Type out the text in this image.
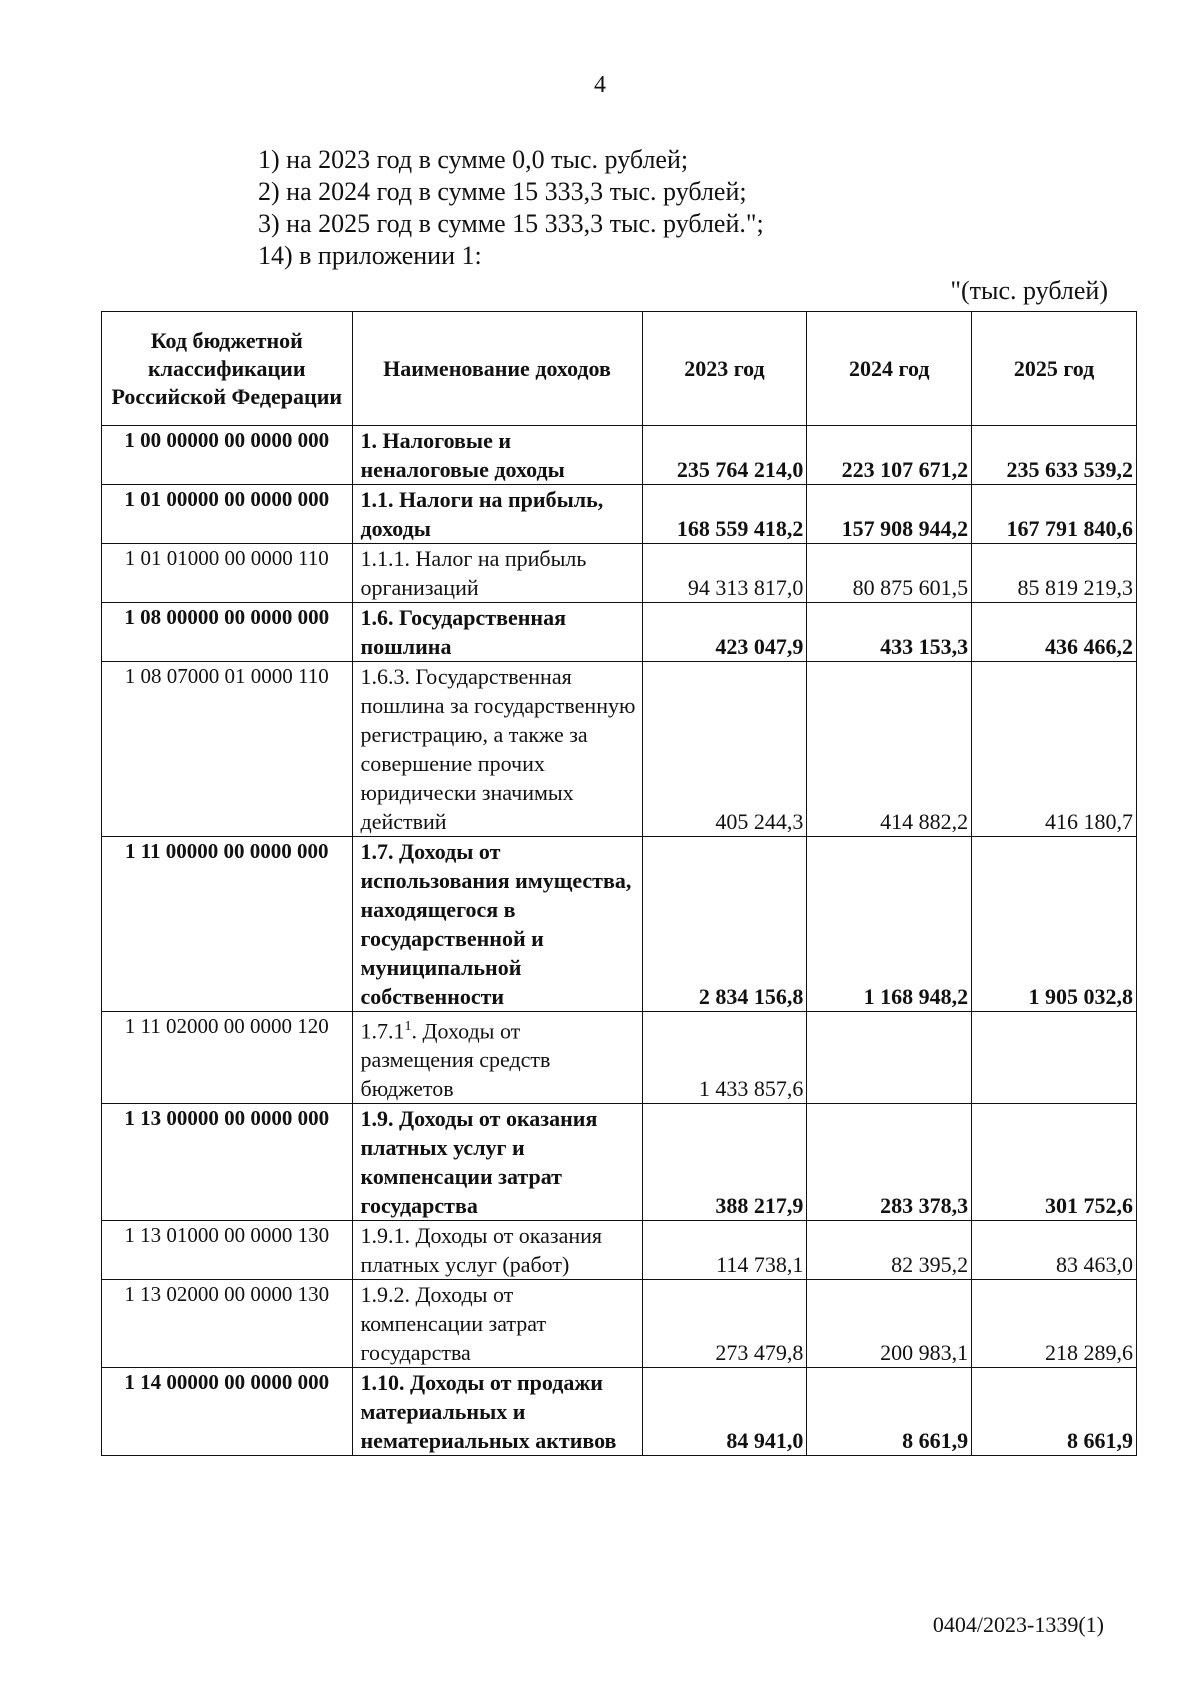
4
1) на 2023 год в сумме 0,0 тыс. рублей;
2) на 2024 год в сумме 15 333,3 тыс. рублей;
3) на 2025 год в сумме 15 333,3 тыс. рублей.";
14) в приложении 1:
"(тыс. рублей)
Код бюджетной классификации Российской Федерации	Наименование доходов	2023 год	2024 год	2025 год
1 00 00000 00 0000 000	1. Налоговые и неналоговые доходы	235 764 214,0	223 107 671,2	235 633 539,2
1 01 00000 00 0000 000	1.1. Налоги на прибыль, доходы	168 559 418,2	157 908 944,2	167 791 840,6
1 01 01000 00 0000 110	1.1.1. Налог на прибыль организаций	94 313 817,0	80 875 601,5	85 819 219,3
1 08 00000 00 0000 000	1.6. Государственная пошлина	423 047,9	433 153,3	436 466,2
1 08 07000 01 0000 110	1.6.3. Государственная пошлина за государственную регистрацию, а также за совершение прочих юридически значимых действий	405 244,3	414 882,2	416 180,7
1 11 00000 00 0000 000	1.7. Доходы от использования имущества, находящегося в государственной и муниципальной собственности	2 834 156,8	1 168 948,2	1 905 032,8
1 11 02000 00 0000 120	1.7.1$^1$. Доходы от размещения средств бюджетов	1 433 857,6		
1 13 00000 00 0000 000	1.9. Доходы от оказания платных услуг и компенсации затрат государства	388 217,9	283 378,3	301 752,6
1 13 01000 00 0000 130	1.9.1. Доходы от оказания платных услуг (работ)	114 738,1	82 395,2	83 463,0
1 13 02000 00 0000 130	1.9.2. Доходы от компенсации затрат государства	273 479,8	200 983,1	218 289,6
1 14 00000 00 0000 000	1.10. Доходы от продажи материальных и нематериальных активов	84 941,0	8 661,9	8 661,9
0404/2023-1339(1)
